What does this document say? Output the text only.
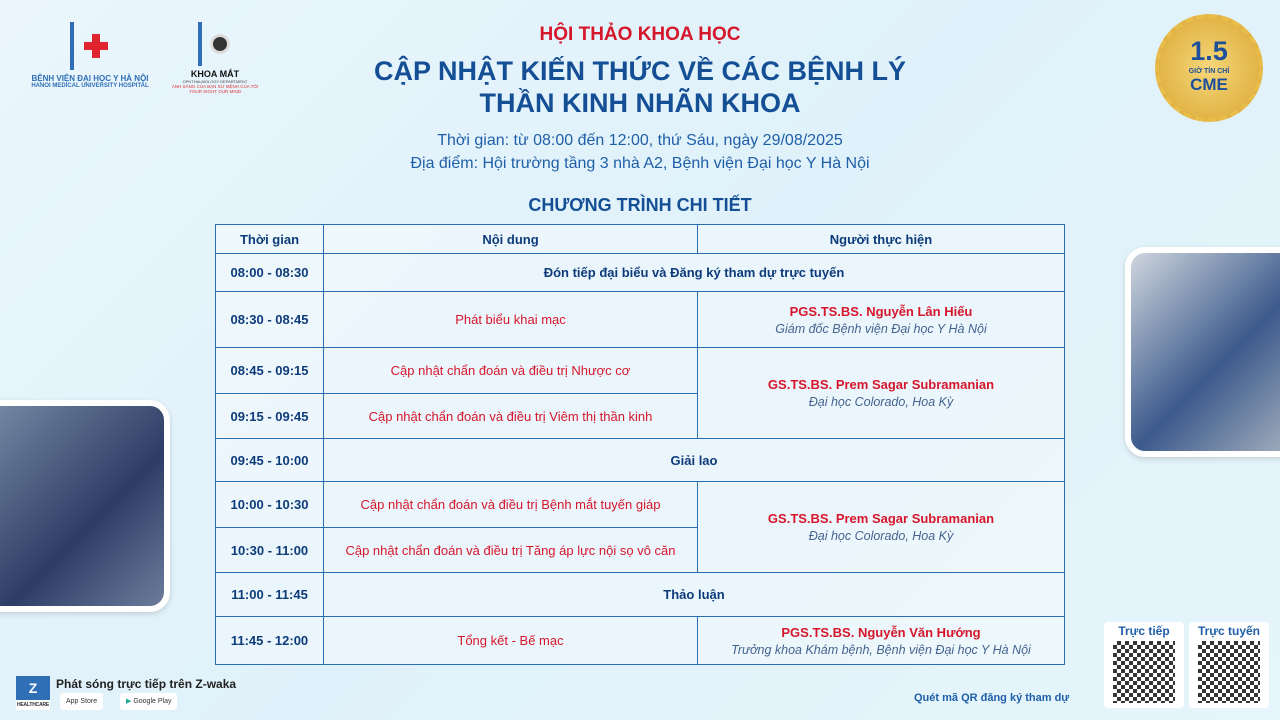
BỆNH VIỆN ĐẠI HỌC Y HÀ NỘI
HANOI MEDICAL UNIVERSITY HOSPITAL
KHOA MẮT
OPHTHALMOLOGY DEPARTMENT
ÁNH SÁNG CỦA BẠN SỨ MỆNH CỦA TÔI
YOUR SIGHT OUR MIND
HỘI THẢO KHOA HỌC
CẬP NHẬT KIẾN THỨC VỀ CÁC BỆNH LÝ
THẦN KINH NHÃN KHOA
Thời gian: từ 08:00 đến 12:00, thứ Sáu, ngày 29/08/2025
Địa điểm: Hội trường tầng 3 nhà A2, Bệnh viện Đại học Y Hà Nội
1.5
GIỜ TÍN CHỈ
CME
CHƯƠNG TRÌNH CHI TIẾT
Thời gian	Nội dung	Người thực hiện
08:00 - 08:30	Đón tiếp đại biểu và Đăng ký tham dự trực tuyến	
08:30 - 08:45	Phát biểu khai mạc	PGS.TS.BS. Nguyễn Lân Hiếu
Giám đốc Bệnh viện Đại học Y Hà Nội

08:45 - 09:15	Cập nhật chẩn đoán và điều trị Nhược cơ	GS.TS.BS. Prem Sagar Subramanian
Đại học Colorado, Hoa Kỳ

09:15 - 09:45	Cập nhật chẩn đoán và điều trị Viêm thị thần kinh	
09:45 - 10:00	Giải lao	
10:00 - 10:30	Cập nhật chẩn đoán và điều trị Bệnh mắt tuyến giáp	GS.TS.BS. Prem Sagar Subramanian
Đại học Colorado, Hoa Kỳ

10:30 - 11:00	Cập nhật chẩn đoán và điều trị Tăng áp lực nội sọ vô căn	
11:00 - 11:45	Thảo luận	
11:45 - 12:00	Tổng kết - Bế mạc	PGS.TS.BS. Nguyễn Văn Hướng
Trưởng khoa Khám bệnh, Bệnh viện Đại học Y Hà Nội
Z
HEALTHCARE
Phát sóng trực tiếp trên Z-waka
App Store	▶ Google Play	Quét mã QR đăng ký tham dự
Trực tiếp	Trực tuyến
